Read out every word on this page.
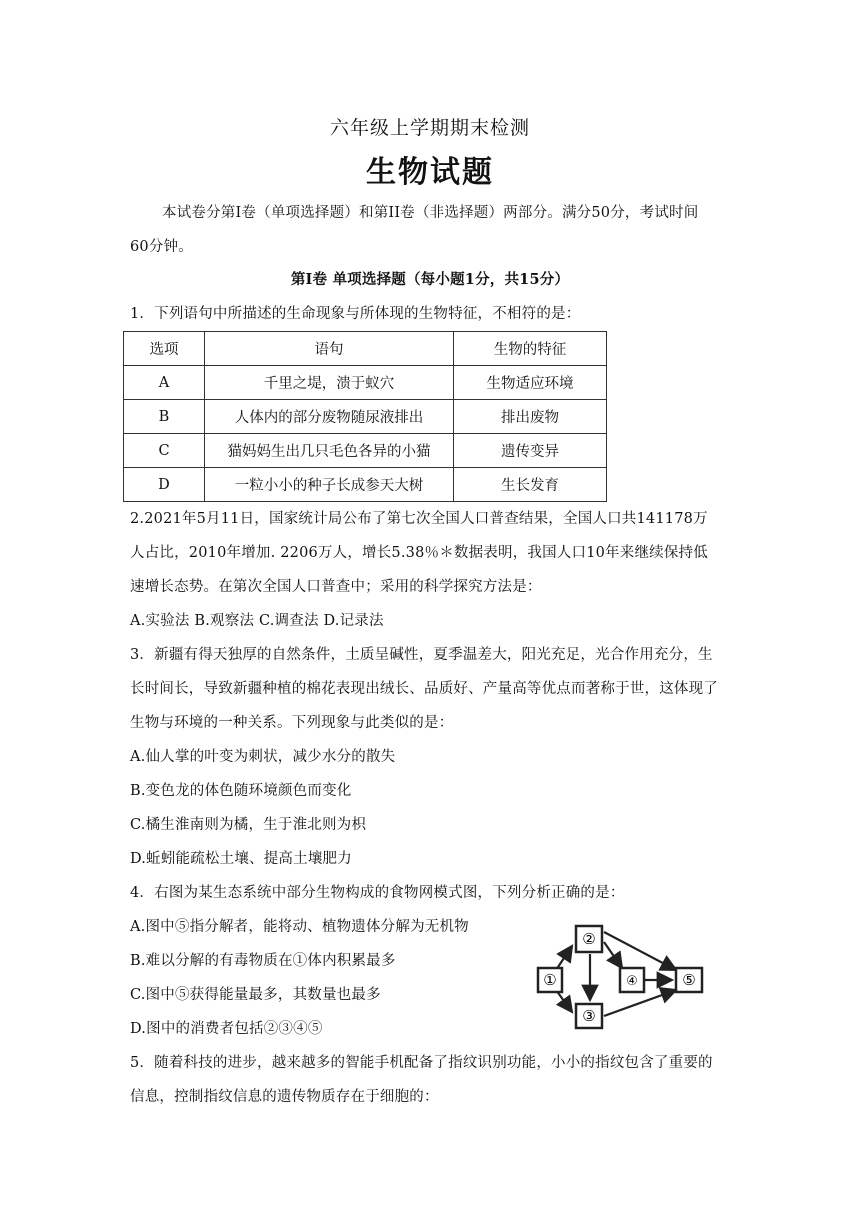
六年级上学期期末检测
生物试题
本试卷分第Ⅰ卷（单项选择题）和第II卷（非选择题）两部分。满分50分，考试时间
60分钟。
第Ⅰ卷 单项选择题（每小题1分，共15分）
1．下列语句中所描述的生命现象与所体现的生物特征，不相符的是：
选项	语句	生物的特征
A	千里之堤，溃于蚁穴	生物适应环境
B	人体内的部分废物随尿液排出	排出废物
C	猫妈妈生出几只毛色各异的小猫	遗传变异
D	一粒小小的种子长成参天大树	生长发育
2.2021年5月11日，国家统计局公布了第七次全国人口普查结果，全国人口共141178万
人占比，2010年增加. 2206万人，增长5.38％＊数据表明，我国人口10年来继续保持低
速增长态势。在第次全国人口普查中；采用的科学探究方法是：
A.实验法 B.观察法 C.调查法 D.记录法
3．新疆有得天独厚的自然条件，土质呈碱性，夏季温差大，阳光充足，光合作用充分，生
长时间长，导致新疆种植的棉花表现出绒长、品质好、产量高等优点而著称于世，这体现了
生物与环境的一种关系。下列现象与此类似的是：
A.仙人掌的叶变为刺状，减少水分的散失
B.变色龙的体色随环境颜色而变化
C.橘生淮南则为橘，生于淮北则为枳
D.蚯蚓能疏松土壤、提高土壤肥力
4．右图为某生态系统中部分生物构成的食物网模式图，下列分析正确的是：
A.图中⑤指分解者，能将动、植物遗体分解为无机物
B.难以分解的有毒物质在①体内积累最多
C.图中⑤获得能量最多，其数量也最多
D.图中的消费者包括②③④⑤
①
②
③
④	⑤
5．随着科技的进步，越来越多的智能手机配备了指纹识别功能，小小的指纹包含了重要的
信息，控制指纹信息的遗传物质存在于细胞的：
